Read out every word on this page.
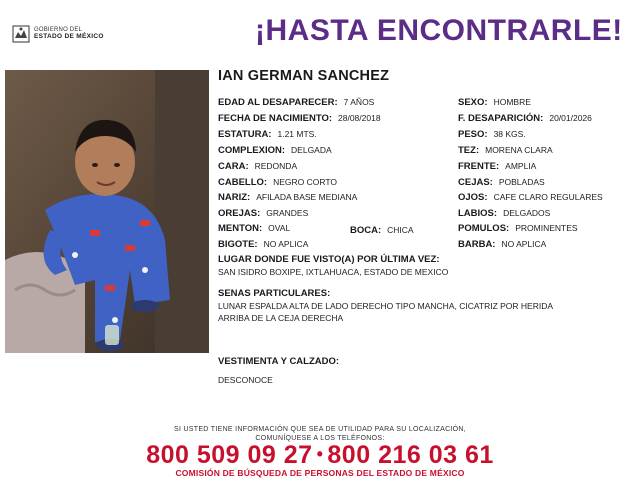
GOBIERNO DEL
ESTADO DE MÉXICO	¡HASTA ENCONTRARLE!
IAN GERMAN SANCHEZ
EDAD AL DESAPARECER: 7 AÑOS
FECHA DE NACIMIENTO: 28/08/2018
ESTATURA: 1.21 MTS.
COMPLEXION: DELGADA
CARA: REDONDA
CABELLO: NEGRO CORTO
NARIZ: AFILADA BASE MEDIANA
OREJAS: GRANDES
MENTON: OVAL	BOCA: CHICA
BIGOTE: NO APLICA
SEXO: HOMBRE
F. DESAPARICIÓN: 20/01/2026
PESO: 38 KGS.
TEZ: MORENA CLARA
FRENTE: AMPLIA
CEJAS: POBLADAS
OJOS: CAFE CLARO REGULARES
LABIOS: DELGADOS
POMULOS: PROMINENTES
BARBA: NO APLICA
LUGAR DONDE FUE VISTO(A) POR ÚLTIMA VEZ:
SAN ISIDRO BOXIPE, IXTLAHUACA, ESTADO DE MEXICO
SENAS PARTICULARES:
LUNAR ESPALDA ALTA DE LADO DERECHO TIPO MANCHA, CICATRIZ POR HERIDA
ARRIBA DE LA CEJA DERECHA
VESTIMENTA Y CALZADO:
DESCONOCE
SI USTED TIENE INFORMACIÓN QUE SEA DE UTILIDAD PARA SU LOCALIZACIÓN,
COMUNÍQUESE A LOS TELÉFONOS:
800 509 09 27 • 800 216 03 61
COMISIÓN DE BÚSQUEDA DE PERSONAS DEL ESTADO DE MÉXICO
